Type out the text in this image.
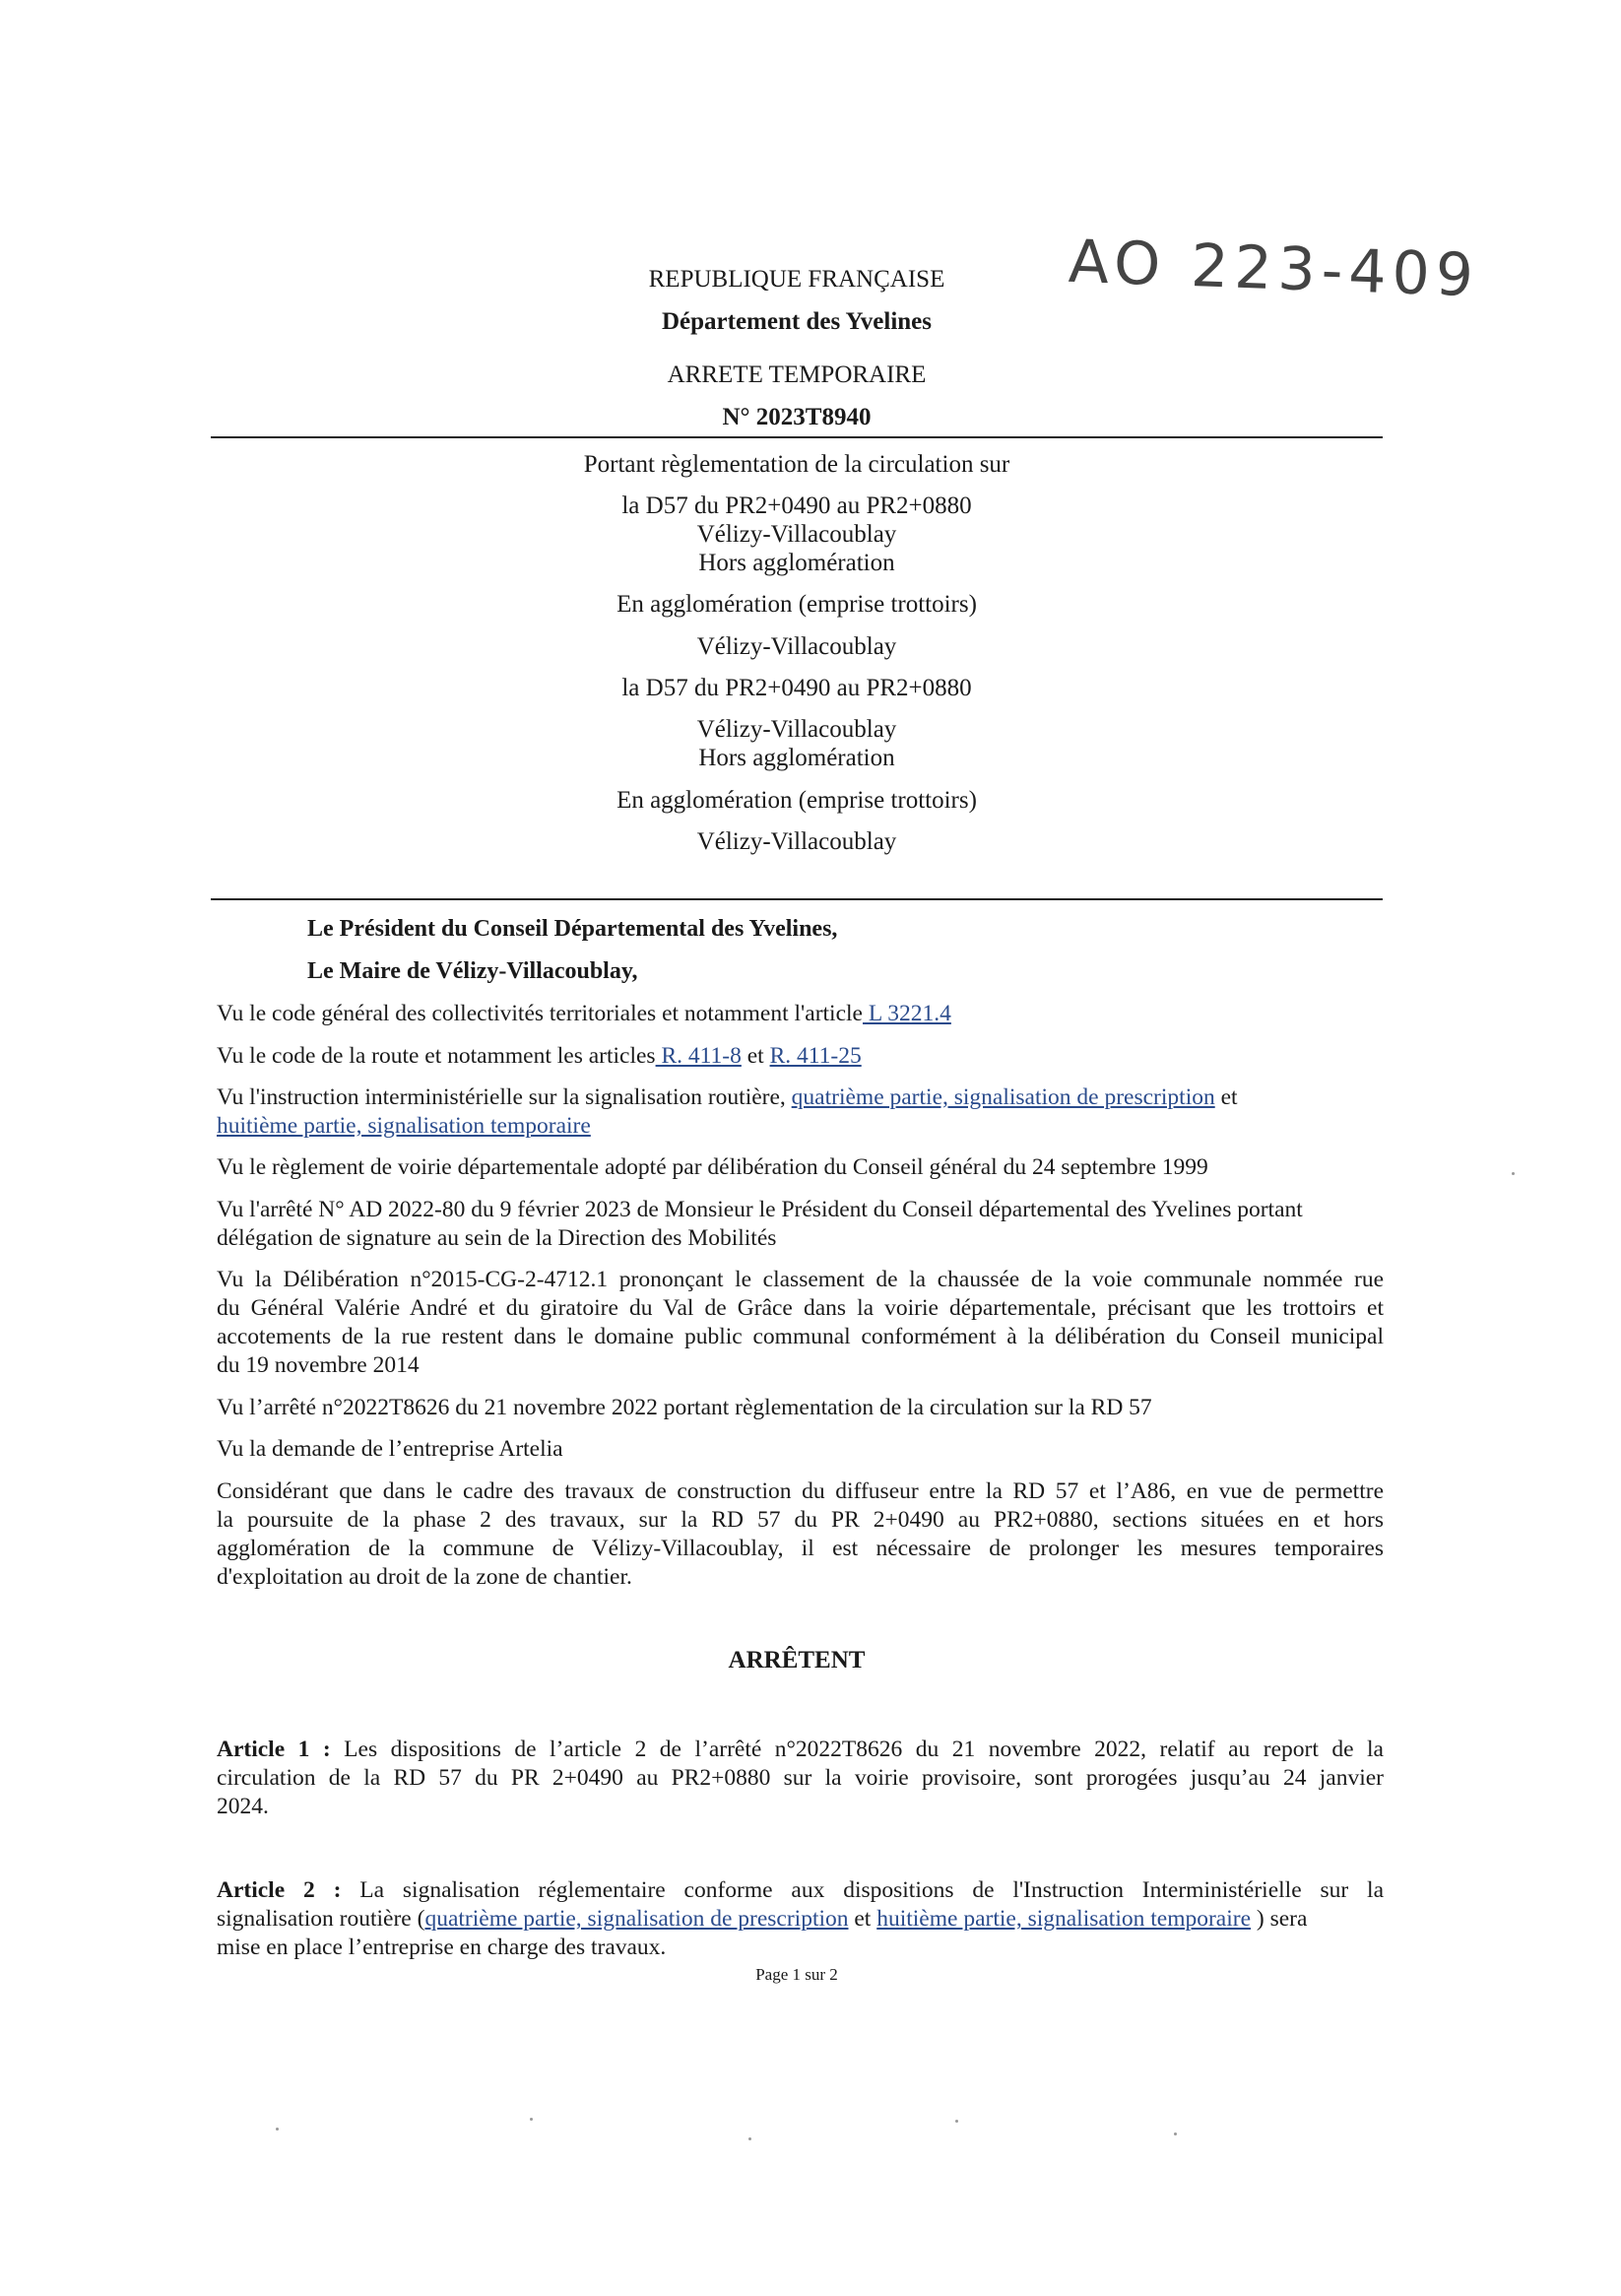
REPUBLIQUE FRANÇAISE
Département des Yvelines
ARRETE TEMPORAIRE
N° 2023T8940
AO 223-409
Portant règlementation de la circulation sur
la D57 du PR2+0490 au PR2+0880
Vélizy-Villacoublay
Hors agglomération
En agglomération (emprise trottoirs)
Vélizy-Villacoublay
la D57 du PR2+0490 au PR2+0880
Vélizy-Villacoublay
Hors agglomération
En agglomération (emprise trottoirs)
Vélizy-Villacoublay
Le Président du Conseil Départemental des Yvelines,
Le Maire de Vélizy-Villacoublay,
Vu le code général des collectivités territoriales et notamment l'article L 3221.4
Vu le code de la route et notamment les articles R. 411-8 et R. 411-25
Vu l'instruction interministérielle sur la signalisation routière, quatrième partie, signalisation de prescription et
huitième partie, signalisation temporaire
Vu le règlement de voirie départementale adopté par délibération du Conseil général du 24 septembre 1999
Vu l'arrêté N° AD 2022-80 du 9 février 2023 de Monsieur le Président du Conseil départemental des Yvelines portant
délégation de signature au sein de la Direction des Mobilités
Vu la Délibération n°2015-CG-2-4712.1 prononçant le classement de la chaussée de la voie communale nommée rue
du Général Valérie André et du giratoire du Val de Grâce dans la voirie départementale, précisant que les trottoirs et
accotements de la rue restent dans le domaine public communal conformément à la délibération du Conseil municipal
du 19 novembre 2014
Vu l’arrêté n°2022T8626 du 21 novembre 2022 portant règlementation de la circulation sur la RD 57
Vu la demande de l’entreprise Artelia
Considérant que dans le cadre des travaux de construction du diffuseur entre la RD 57 et l’A86, en vue de permettre
la poursuite de la phase 2 des travaux, sur la RD 57 du PR 2+0490 au PR2+0880, sections situées en et hors
agglomération de la commune de Vélizy-Villacoublay, il est nécessaire de prolonger les mesures temporaires
d'exploitation au droit de la zone de chantier.
ARRÊTENT
Article 1 : Les dispositions de l’article 2 de l’arrêté n°2022T8626 du 21 novembre 2022, relatif au report de la
circulation de la RD 57 du PR 2+0490 au PR2+0880 sur la voirie provisoire, sont prorogées jusqu’au 24 janvier
2024.
Article 2 : La signalisation réglementaire conforme aux dispositions de l'Instruction Interministérielle sur la
signalisation routière (quatrième partie, signalisation de prescription et huitième partie, signalisation temporaire ) sera
mise en place l’entreprise en charge des travaux.
Page 1 sur 2
